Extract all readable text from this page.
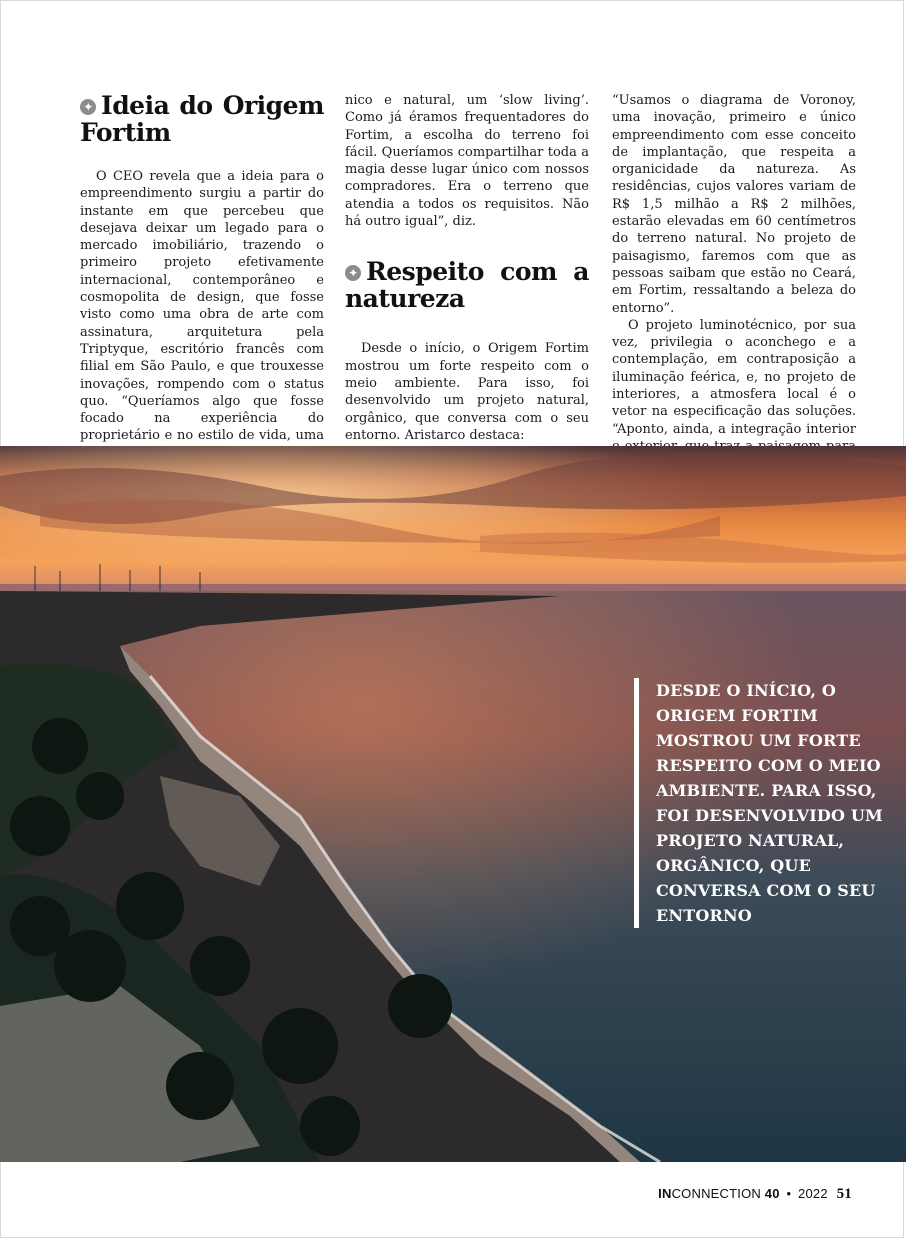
✦ Ideia do Origem Fortim

O CEO revela que a ideia para o empreendimento surgiu a partir do instante em que percebeu que desejava deixar um legado para o mercado imobiliário, trazendo o primeiro projeto efetivamente internacional, contemporâneo e cosmopolita de design, que fosse visto como uma obra de arte com assinatura, arquitetura pela Triptyque, escritório francês com filial em São Paulo, e que trouxesse inovações, rompendo com o status quo. “Queríamos algo que fosse focado na experiência do proprietário e no estilo de vida, uma

nico e natural, um ‘slow living’. Como já éramos frequentadores do Fortim, a escolha do terreno foi fácil. Queríamos compartilhar toda a magia desse lugar único com nossos compradores. Era o terreno que atendia a todos os requisitos. Não há outro igual”, diz.

✦ Respeito com a natureza

Desde o início, o Origem Fortim mostrou um forte respeito com o meio ambiente. Para isso, foi desenvolvido um projeto natural, orgânico, que conversa com o seu entorno. Aristarco destaca:

“Usamos o diagrama de Voronoy, uma inovação, primeiro e único empreendimento com esse conceito de implantação, que respeita a organicidade da natureza. As residências, cujos valores variam de R$ 1,5 milhão a R$ 2 milhões, estarão elevadas em 60 centímetros do terreno natural. No projeto de paisagismo, faremos com que as pessoas saibam que estão no Ceará, em Fortim, ressaltando a beleza do entorno”.

O projeto luminotécnico, por sua vez, privilegia o aconchego e a contemplação, em contraposição a iluminação feérica, e, no projeto de interiores, a atmosfera local é o vetor na especificação das soluções. “Aponto, ainda, a integração interior

DESDE O INÍCIO, O ORIGEM FORTIM MOSTROU UM FORTE RESPEITO COM O MEIO AMBIENTE. PARA ISSO, FOI DESENVOLVIDO UM PROJETO NATURAL, ORGÂNICO, QUE CONVERSA COM O SEU ENTORNO
INCONNECTION 40 • 2022 51
